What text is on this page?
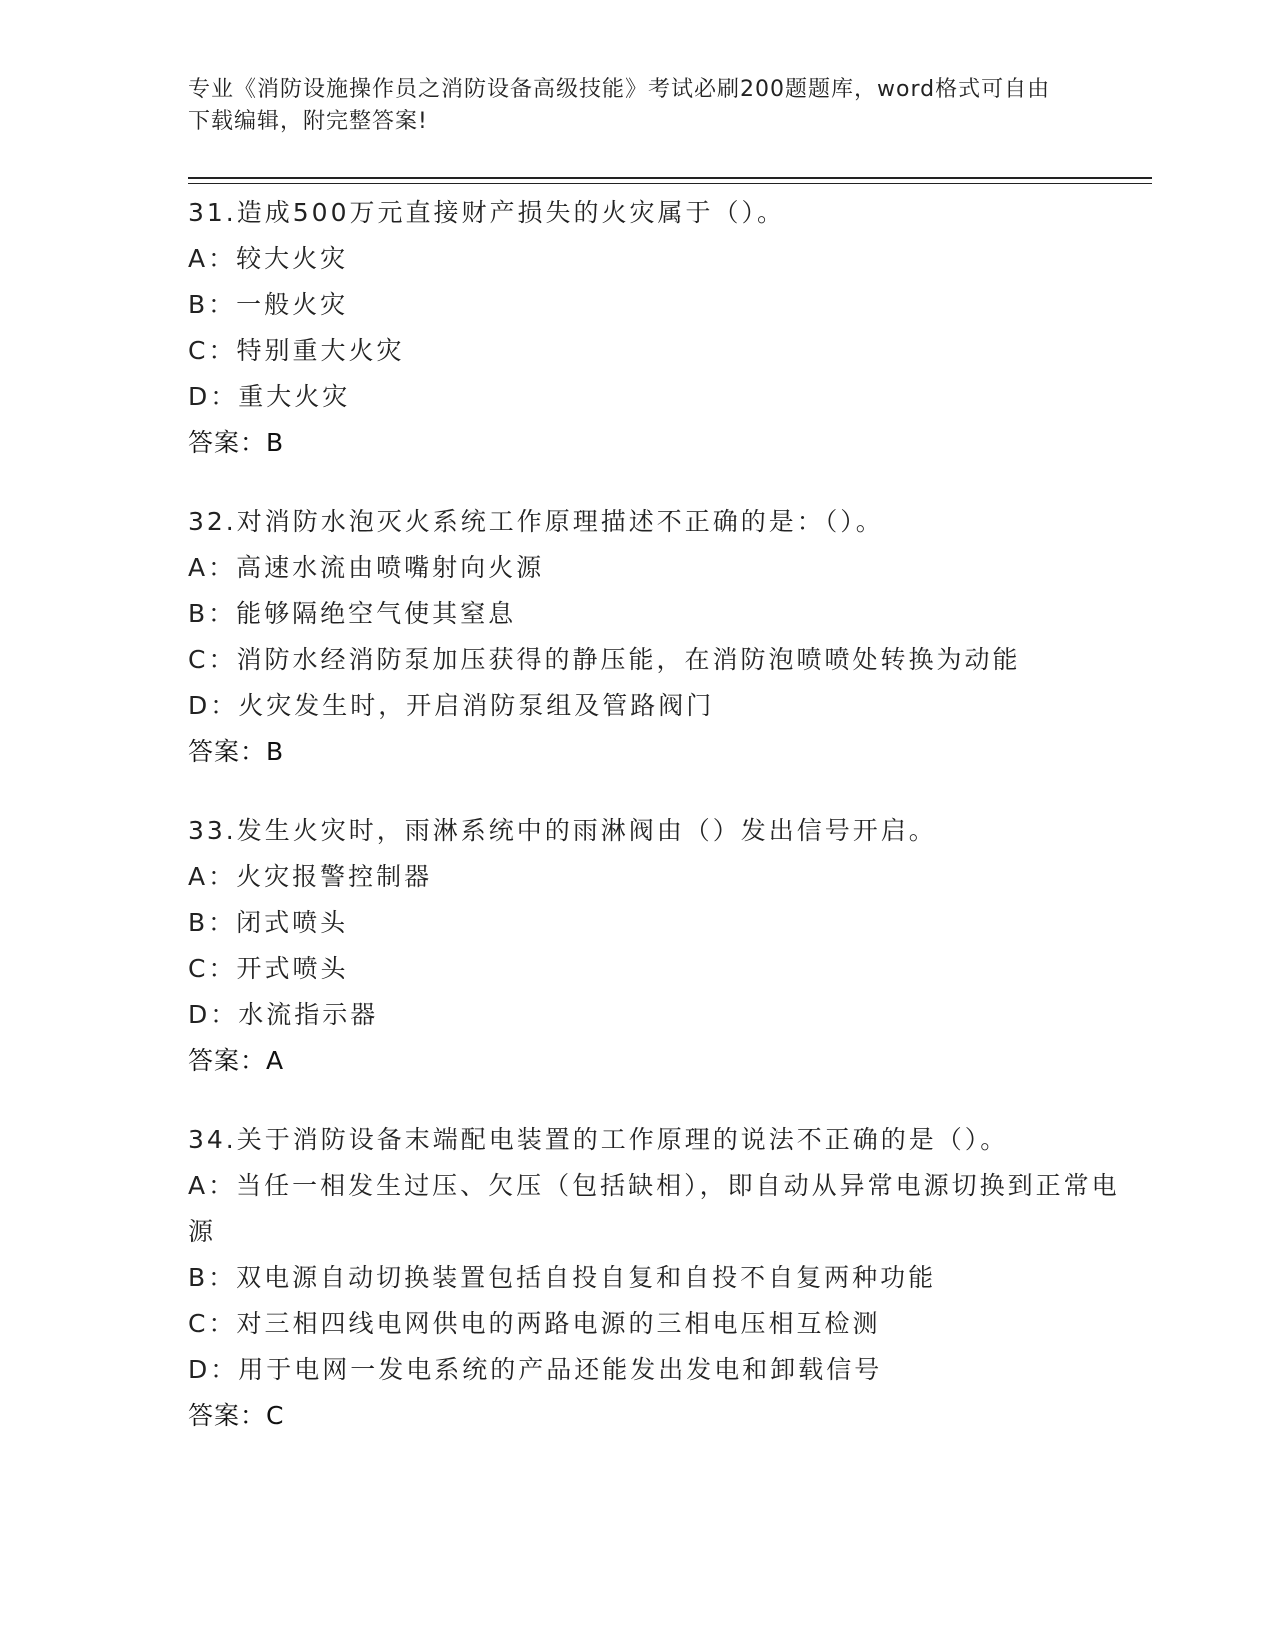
专业《消防设施操作员之消防设备高级技能》考试必刷200题题库，word格式可自由下载编辑，附完整答案!
31.造成500万元直接财产损失的火灾属于（）。
A： 较大火灾
B： 一般火灾
C： 特别重大火灾
D： 重大火灾
答案：B
32.对消防水泡灭火系统工作原理描述不正确的是：（）。
A： 高速水流由喷嘴射向火源
B： 能够隔绝空气使其窒息
C： 消防水经消防泵加压获得的静压能，在消防泡喷喷处转换为动能
D： 火灾发生时，开启消防泵组及管路阀门
答案：B
33.发生火灾时，雨淋系统中的雨淋阀由（）发出信号开启。
A： 火灾报警控制器
B： 闭式喷头
C： 开式喷头
D： 水流指示器
答案：A
34.关于消防设备末端配电装置的工作原理的说法不正确的是（）。
A：当任一相发生过压、欠压（包括缺相），即自动从异常电源切换到正常电源
B： 双电源自动切换装置包括自投自复和自投不自复两种功能
C： 对三相四线电网供电的两路电源的三相电压相互检测
D： 用于电网一发电系统的产品还能发出发电和卸载信号
答案：C
